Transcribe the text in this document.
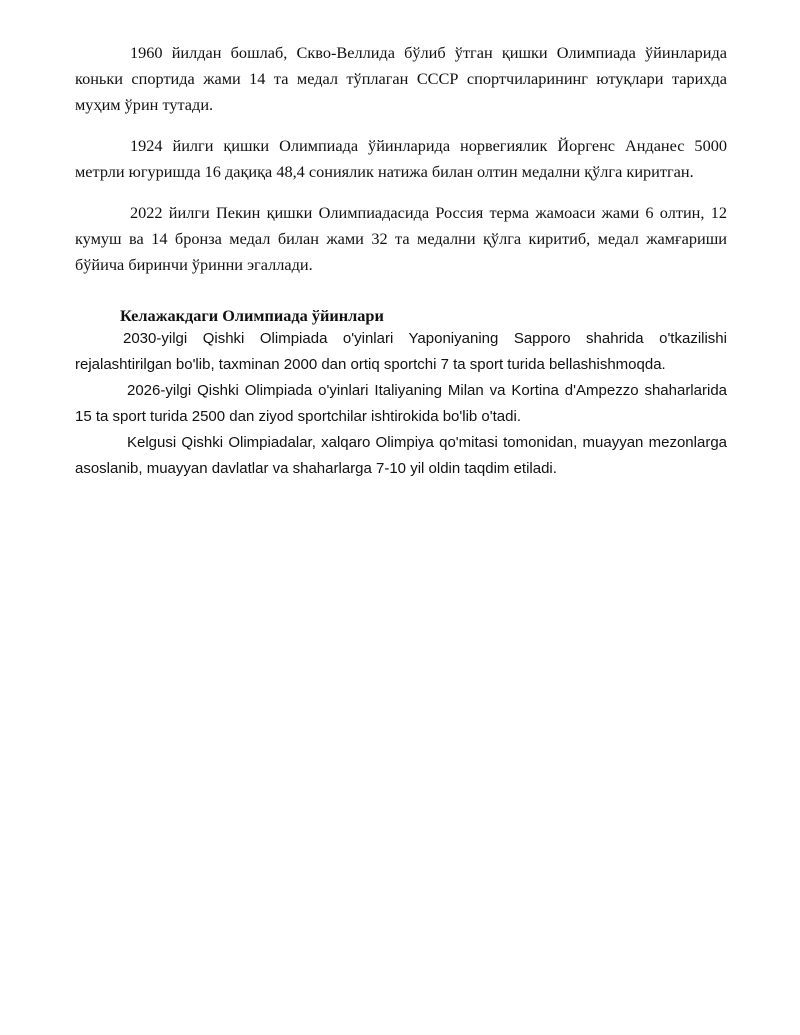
1960 йилдан бошлаб, Скво-Веллида бўлиб ўтган қишки Олимпиада ўйинларида коньки спортида жами 14 та медал тўплаган СССР спортчиларининг ютуқлари тарихда муҳим ўрин тутади.

1924 йилги қишки Олимпиада ўйинларида норвегиялик Йоргенс Анданес 5000 метрли югуришда 16 дақиқа 48,4 сониялик натижа билан олтин медални қўлга киритган.

2022 йилги Пекин қишки Олимпиадасида Россия терма жамоаси жами 6 олтин, 12 кумуш ва 14 бронза медал билан жами 32 та медални қўлга киритиб, медал жамғариши бўйича биринчи ўринни эгаллади.

Келажакдаги Олимпиада ўйинлари

2030-yilgi Qishki Olimpiada o'yinlari Yaponiyaning Sapporo shahrida o'tkazilishi rejalashtirilgan bo'lib, taxminan 2000 dan ortiq sportchi 7 ta sport turida bellashishmoqda.

2026-yilgi Qishki Olimpiada o'yinlari Italiyaning Milan va Kortina d'Ampezzo shaharlarida 15 ta sport turida 2500 dan ziyod sportchilar ishtirokida bo'lib o'tadi.

Kelgusi Qishki Olimpiadalar, xalqaro Olimpiya qo'mitasi tomonidan, muayyan mezonlarga asoslanib, muayyan davlatlar va shaharlarga 7-10 yil oldin taqdim etiladi.
